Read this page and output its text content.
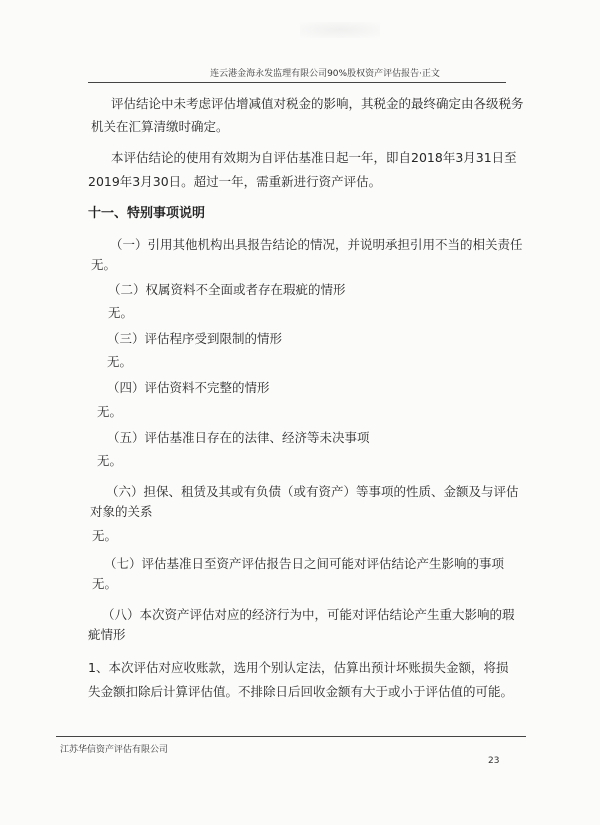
连云港金海永发监理有限公司90%股权资产评估报告·正文
评估结论中未考虑评估增减值对税金的影响，其税金的最终确定由各级税务
机关在汇算清缴时确定。
本评估结论的使用有效期为自评估基准日起一年，即自2018年3月31日至
2019年3月30日。超过一年，需重新进行资产评估。
十一、特别事项说明
（一）引用其他机构出具报告结论的情况，并说明承担引用不当的相关责任
无。
（二）权属资料不全面或者存在瑕疵的情形
无。
（三）评估程序受到限制的情形
无。
（四）评估资料不完整的情形
无。
（五）评估基准日存在的法律、经济等未决事项
无。
（六）担保、租赁及其或有负债（或有资产）等事项的性质、金额及与评估
对象的关系
无。
（七）评估基准日至资产评估报告日之间可能对评估结论产生影响的事项
无。
（八）本次资产评估对应的经济行为中，可能对评估结论产生重大影响的瑕
疵情形
1、本次评估对应收账款，选用个别认定法，估算出预计坏账损失金额，将损
失金额扣除后计算评估值。不排除日后回收金额有大于或小于评估值的可能。
江苏华信资产评估有限公司
23
